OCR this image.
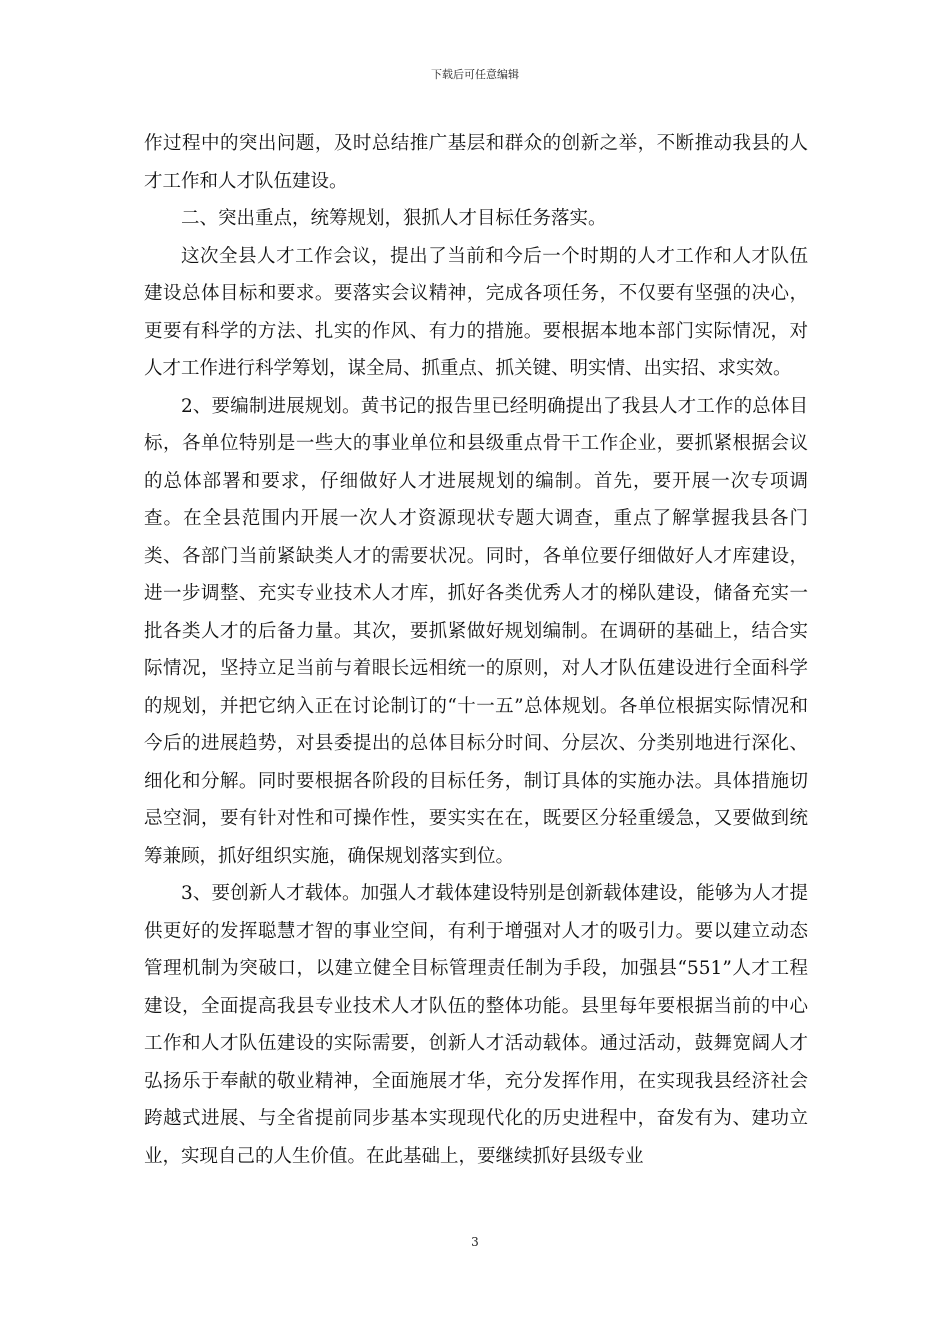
下载后可任意编辑

作过程中的突出问题，及时总结推广基层和群众的创新之举，不断推动我县的人才工作和人才队伍建设。

二、突出重点，统筹规划，狠抓人才目标任务落实。

这次全县人才工作会议，提出了当前和今后一个时期的人才工作和人才队伍建设总体目标和要求。要落实会议精神，完成各项任务，不仅要有坚强的决心，更要有科学的方法、扎实的作风、有力的措施。要根据本地本部门实际情况，对人才工作进行科学筹划，谋全局、抓重点、抓关键、明实情、出实招、求实效。

2、要编制进展规划。黄书记的报告里已经明确提出了我县人才工作的总体目标，各单位特别是一些大的事业单位和县级重点骨干工作企业，要抓紧根据会议的总体部署和要求，仔细做好人才进展规划的编制。首先，要开展一次专项调查。在全县范围内开展一次人才资源现状专题大调查，重点了解掌握我县各门类、各部门当前紧缺类人才的需要状况。同时，各单位要仔细做好人才库建设，进一步调整、充实专业技术人才库，抓好各类优秀人才的梯队建设，储备充实一批各类人才的后备力量。其次，要抓紧做好规划编制。在调研的基础上，结合实际情况，坚持立足当前与着眼长远相统一的原则，对人才队伍建设进行全面科学的规划，并把它纳入正在讨论制订的“十一五”总体规划。各单位根据实际情况和今后的进展趋势，对县委提出的总体目标分时间、分层次、分类别地进行深化、细化和分解。同时要根据各阶段的目标任务，制订具体的实施办法。具体措施切忌空洞，要有针对性和可操作性，要实实在在，既要区分轻重缓急，又要做到统筹兼顾，抓好组织实施，确保规划落实到位。

3、要创新人才载体。加强人才载体建设特别是创新载体建设，能够为人才提供更好的发挥聪慧才智的事业空间，有利于增强对人才的吸引力。要以建立动态管理机制为突破口，以建立健全目标管理责任制为手段，加强县“551”人才工程建设，全面提高我县专业技术人才队伍的整体功能。县里每年要根据当前的中心工作和人才队伍建设的实际需要，创新人才活动载体。通过活动，鼓舞宽阔人才弘扬乐于奉献的敬业精神，全面施展才华，充分发挥作用，在实现我县经济社会跨越式进展、与全省提前同步基本实现现代化的历史进程中，奋发有为、建功立业，实现自己的人生价值。在此基础上，要继续抓好县级专业

3
